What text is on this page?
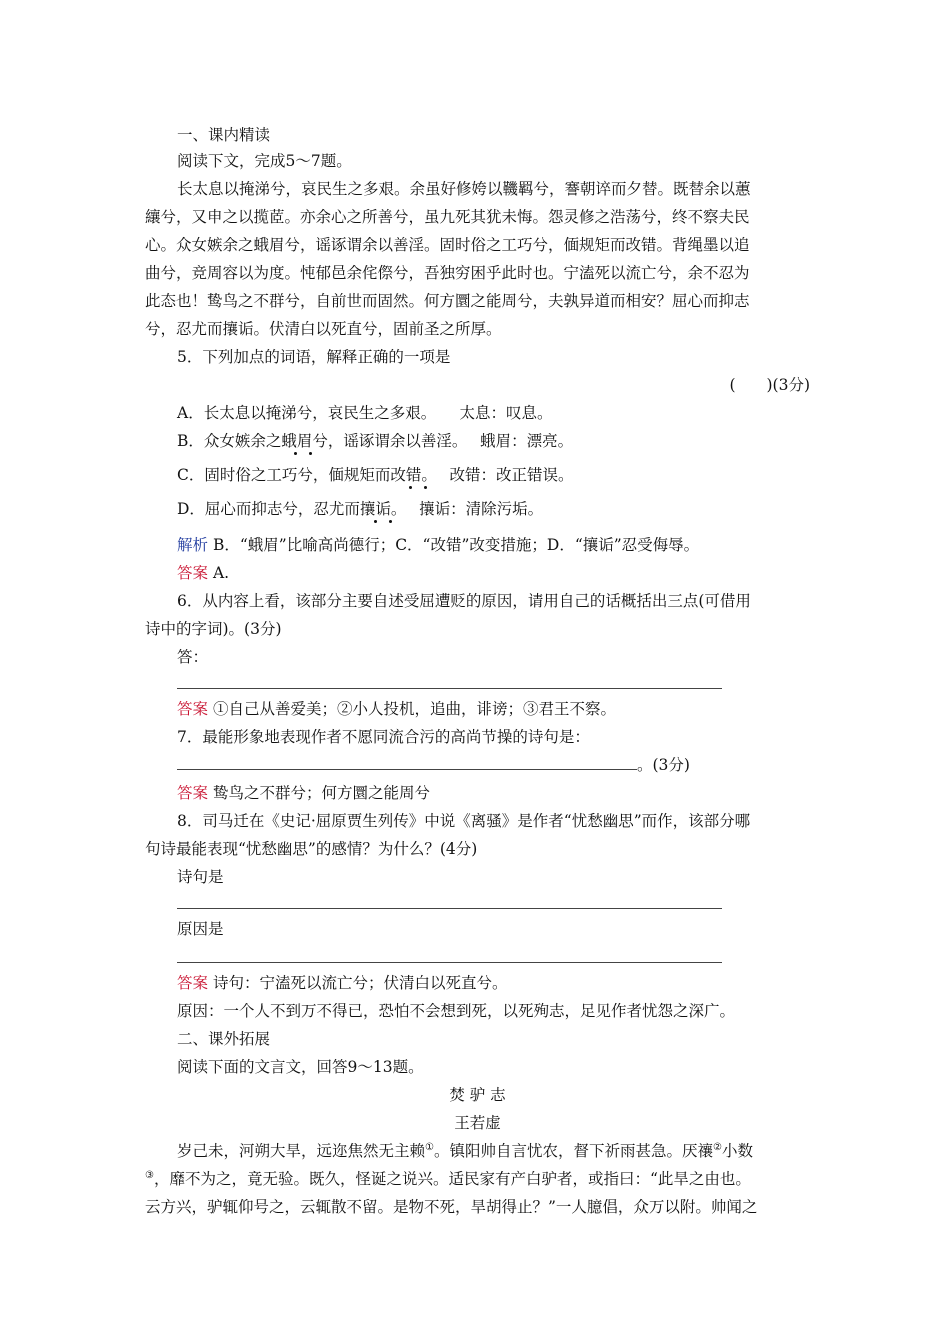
一、课内精读
阅读下文，完成5～7题。
长太息以掩涕兮，哀民生之多艰。余虽好修姱以鞿羁兮，謇朝谇而夕替。既替余以蕙
纕兮，又申之以揽茝。亦余心之所善兮，虽九死其犹未悔。怨灵修之浩荡兮，终不察夫民
心。众女嫉余之蛾眉兮，谣诼谓余以善淫。固时俗之工巧兮，偭规矩而改错。背绳墨以追
曲兮，竞周容以为度。忳郁邑余侘傺兮，吾独穷困乎此时也。宁溘死以流亡兮，余不忍为
此态也！鸷鸟之不群兮，自前世而固然。何方圜之能周兮，夫孰异道而相安？屈心而抑志
兮，忍尤而攘诟。伏清白以死直兮，固前圣之所厚。
5．下列加点的词语，解释正确的一项是
(　　)(3分)
A．长太息以掩涕兮，哀民生之多艰。　　太息：叹息。
B．众女嫉余之蛾眉兮，谣诼谓余以善淫。　 蛾眉：漂亮。
C．固时俗之工巧兮，偭规矩而改错。　 改错：改正错误。
D．屈心而抑志兮，忍尤而攘诟。　 攘诟：清除污垢。
解析 B．“蛾眉”比喻高尚德行；C．“改错”改变措施；D．“攘诟”忍受侮辱。
答案 A.
6．从内容上看，该部分主要自述受屈遭贬的原因，请用自己的话概括出三点(可借用
诗中的字词)。(3分)
答：
答案 ①自己从善爱美；②小人投机，追曲，诽谤；③君王不察。
7．最能形象地表现作者不愿同流合污的高尚节操的诗句是：
。(3分)
答案 鸷鸟之不群兮；何方圜之能周兮
8．司马迁在《史记·屈原贾生列传》中说《离骚》是作者“忧愁幽思”而作，该部分哪
句诗最能表现“忧愁幽思”的感情？为什么？(4分)
诗句是
原因是
答案 诗句：宁溘死以流亡兮；伏清白以死直兮。
原因：一个人不到万不得已，恐怕不会想到死，以死殉志，足见作者忧怨之深广。
二、课外拓展
阅读下面的文言文，回答9～13题。
焚 驴 志
王若虚
岁己未，河朔大旱，远迩焦然无主赖①。镇阳帅自言忧农，督下祈雨甚急。厌禳②小数
③，靡不为之，竟无验。既久，怪诞之说兴。适民家有产白驴者，或指曰：“此旱之由也。
云方兴，驴辄仰号之，云辄散不留。是物不死，旱胡得止？”一人臆倡，众万以附。帅闻之
